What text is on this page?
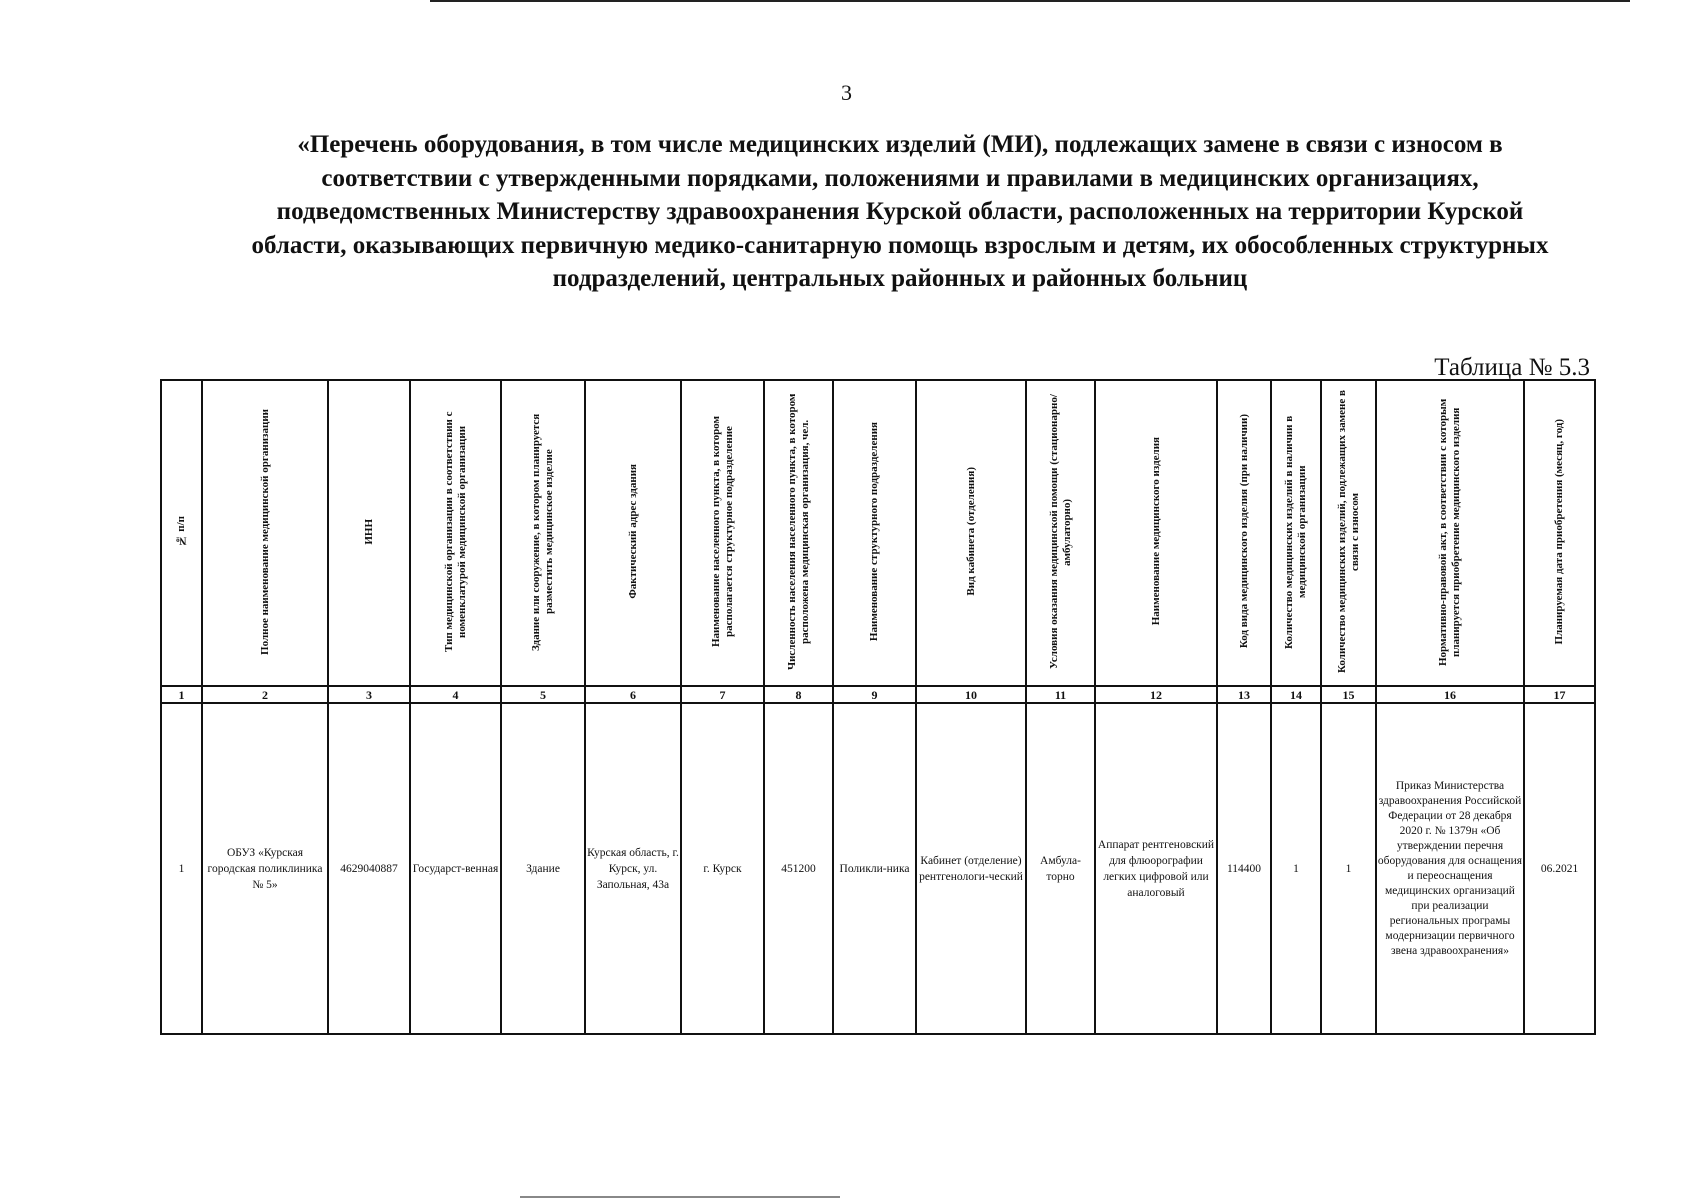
3
«Перечень оборудования, в том числе медицинских изделий (МИ), подлежащих замене в связи с износом в соответствии с утвержденными порядками, положениями и правилами в медицинских организациях, подведомственных Министерству здравоохранения Курской области, расположенных на территории Курской области, оказывающих первичную медико-санитарную помощь взрослым и детям, их обособленных структурных подразделений, центральных районных и районных больниц
Таблица № 5.3
№ п/п	Полное наименование медицинской организации	ИНН	Тип медицинской организации в соответствии с номенклатурой медицинской организации	Здание или сооружение, в котором планируется разместить медицинское изделие	Фактический адрес здания	Наименование населенного пункта, в котором располагается структурное подразделение	Численность населения населенного пункта, в котором расположена медицинская организация, чел.	Наименование структурного подразделения	Вид кабинета (отделения)	Условия оказания медицинской помощи (стационарно/амбулаторно)	Наименование медицинского изделия	Код вида медицинского изделия (при наличии)	Количество медицинских изделий в наличии в медицинской организации	Количество медицинских изделий, подлежащих замене в связи с износом	Нормативно-правовой акт, в соответствии с которым планируется приобретение медицинского изделия	Планируемая дата приобретения (месяц, год)
1	2	3	4	5	6	7	8	9	10	11	12	13	14	15	16	17
1	ОБУЗ «Курская городская поликлиника № 5»	4629040887	Государст-венная	Здание	Курская область, г. Курск, ул. Запольная, 43а	г. Курск	451200	Поликли-ника	Кабинет (отделение) рентгенологи-ческий	Амбула-торно	Аппарат рентгеновский для флюорографии легких цифровой или аналоговый	114400	1	1	Приказ Министерства здравоохранения Российской Федерации от 28 декабря 2020 г. № 1379н «Об утверждении перечня оборудования для оснащения и переоснащения медицинских организаций при реализации региональных програмы модернизации первичного звена здравоохранения»	06.2021
